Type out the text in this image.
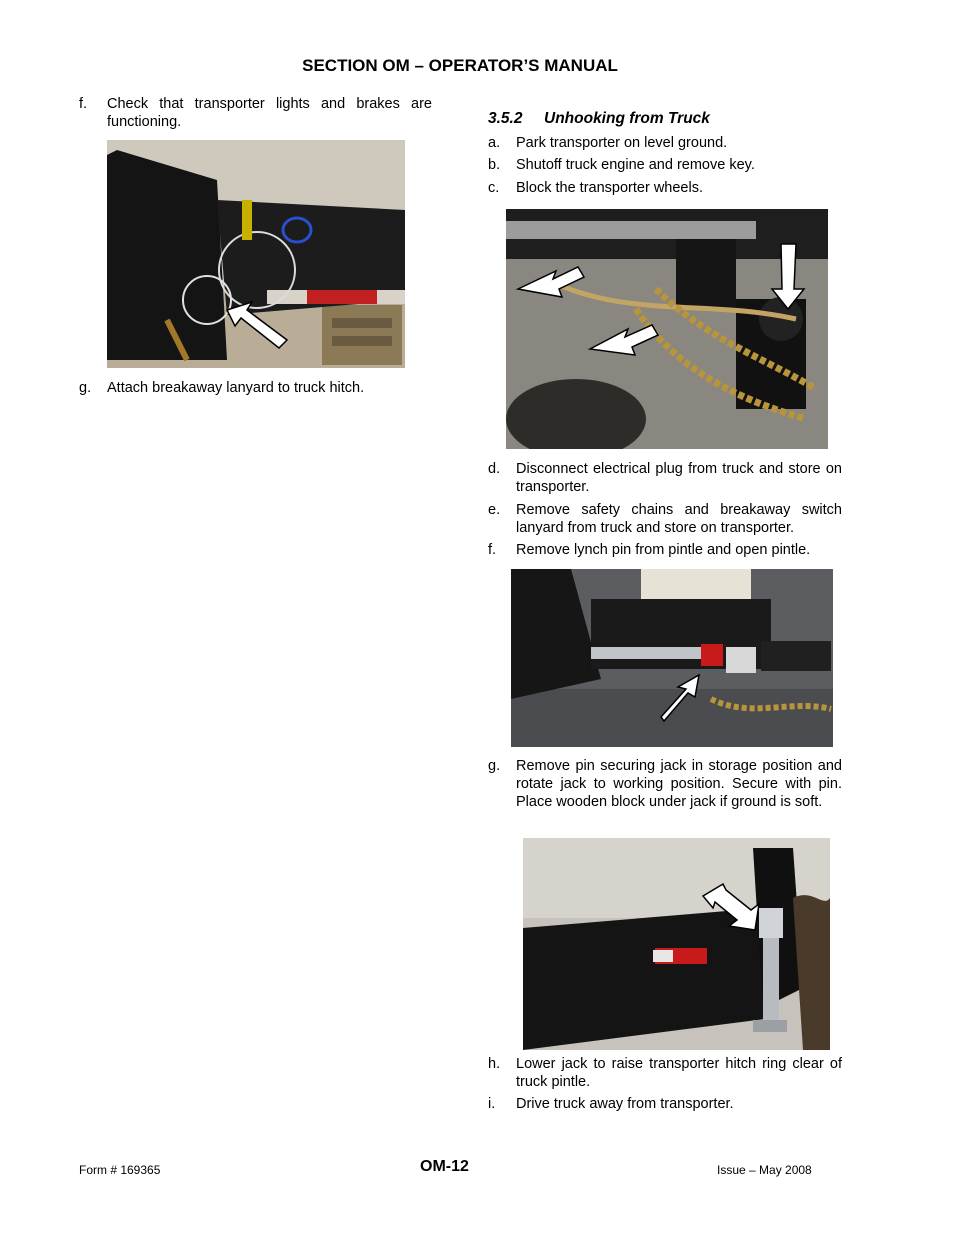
SECTION OM – OPERATOR’S MANUAL
f. Check that transporter lights and brakes are functioning.
g. Attach breakaway lanyard to truck hitch.
3.5.2 Unhooking from Truck
a. Park transporter on level ground.
b. Shutoff truck engine and remove key.
c. Block the transporter wheels.
d. Disconnect electrical plug from truck and store on transporter.
e. Remove safety chains and breakaway switch lanyard from truck and store on transporter.
f. Remove lynch pin from pintle and open pintle.
g. Remove pin securing jack in storage position and rotate jack to working position. Secure with pin. Place wooden block under jack if ground is soft.
h. Lower jack to raise transporter hitch ring clear of truck pintle.
i. Drive truck away from transporter.
Form # 169365	OM-12	Issue – May 2008
